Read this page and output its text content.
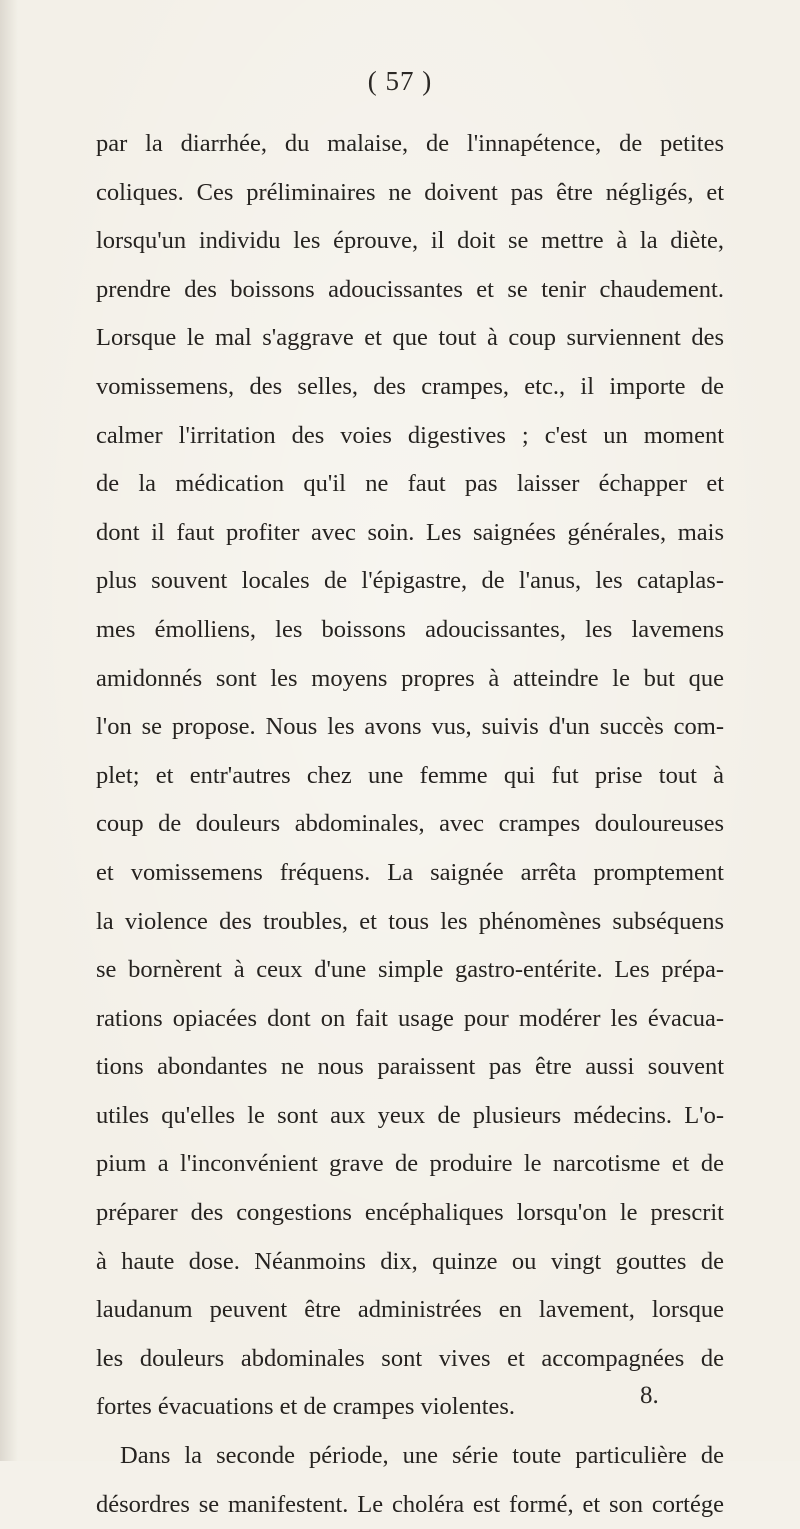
( 57 )
par la diarrhée, du malaise, de l'innapétence, de petites
coliques. Ces préliminaires ne doivent pas être négligés, et
lorsqu'un individu les éprouve, il doit se mettre à la diète,
prendre des boissons adoucissantes et se tenir chaudement.
Lorsque le mal s'aggrave et que tout à coup surviennent des
vomissemens, des selles, des crampes, etc., il importe de
calmer l'irritation des voies digestives ; c'est un moment
de la médication qu'il ne faut pas laisser échapper et
dont il faut profiter avec soin. Les saignées générales, mais
plus souvent locales de l'épigastre, de l'anus, les cataplas-
mes émolliens, les boissons adoucissantes, les lavemens
amidonnés sont les moyens propres à atteindre le but que
l'on se propose. Nous les avons vus, suivis d'un succès com-
plet; et entr'autres chez une femme qui fut prise tout à
coup de douleurs abdominales, avec crampes douloureuses
et vomissemens fréquens. La saignée arrêta promptement
la violence des troubles, et tous les phénomènes subséquens
se bornèrent à ceux d'une simple gastro-entérite. Les prépa-
rations opiacées dont on fait usage pour modérer les évacua-
tions abondantes ne nous paraissent pas être aussi souvent
utiles qu'elles le sont aux yeux de plusieurs médecins. L'o-
pium a l'inconvénient grave de produire le narcotisme et de
préparer des congestions encéphaliques lorsqu'on le prescrit
à haute dose. Néanmoins dix, quinze ou vingt gouttes de
laudanum peuvent être administrées en lavement, lorsque
les douleurs abdominales sont vives et accompagnées de
fortes évacuations et de crampes violentes.
Dans la seconde période, une série toute particulière de
désordres se manifestent. Le choléra est formé, et son cortége
8.
